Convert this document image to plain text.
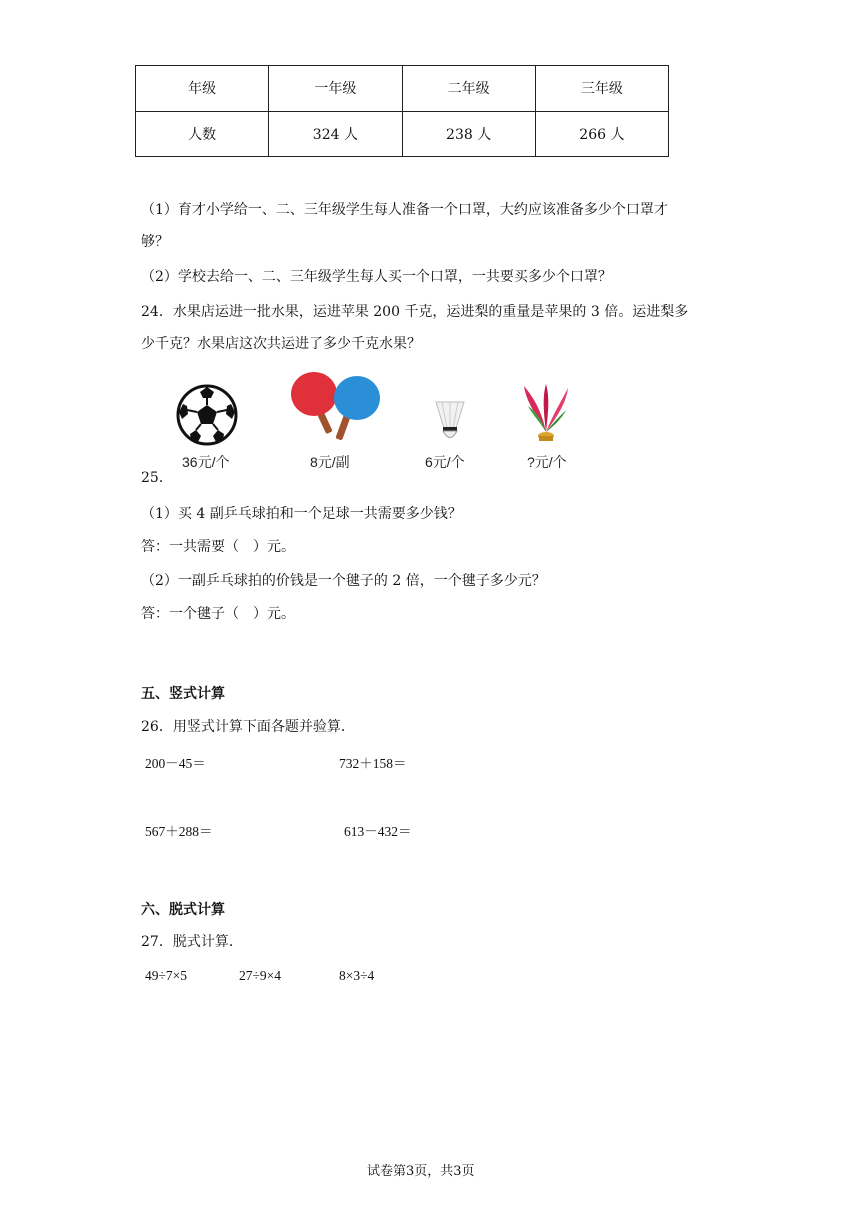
年级	一年级	二年级	三年级
人数	324 人	238 人	266 人
（1）育才小学给一、二、三年级学生每人准备一个口罩，大约应该准备多少个口罩才
够？
（2）学校去给一、二、三年级学生每人买一个口罩，一共要买多少个口罩？
24．水果店运进一批水果，运进苹果 200 千克，运进梨的重量是苹果的 3 倍。运进梨多
少千克？水果店这次共运进了多少千克水果？
36元/个	8元/副	6元/个	?元/个
25．
（1）买 4 副乒乓球拍和一个足球一共需要多少钱？
答：一共需要（　）元。
（2）一副乒乓球拍的价钱是一个毽子的 2 倍，一个毽子多少元？
答：一个毽子（　）元。
五、竖式计算
26．用竖式计算下面各题并验算．
200－45＝	732＋158＝
567＋288＝	613－432＝
六、脱式计算
27．脱式计算．
49÷7×5	27÷9×4	8×3÷4
试卷第3页，共3页
